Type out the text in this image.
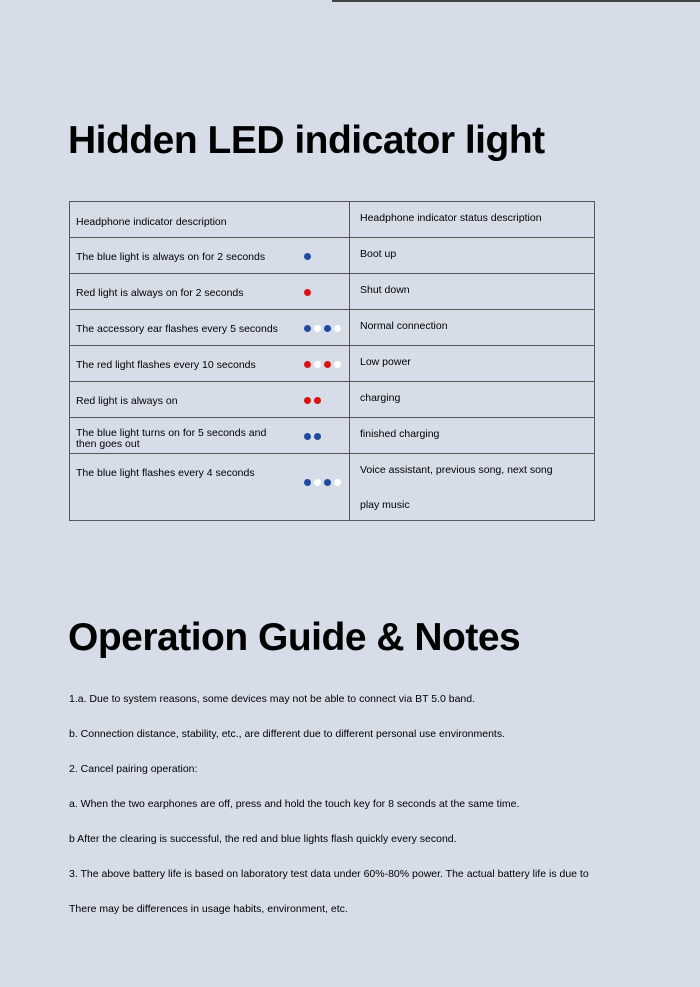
Hidden LED indicator light
Headphone indicator description	Headphone indicator status description

The blue light is always on for 2 seconds	Boot up

Red light is always on for 2 seconds	Shut down

The accessory ear flashes every 5 seconds	Normal connection

The red light flashes every 10 seconds	Low power

Red light is always on	charging

The blue light turns on for 5 seconds and then goes out	finished charging

The blue light flashes every 4 seconds	Voice assistant, previous song, next song
play music
Operation Guide & Notes

1.a. Due to system reasons, some devices may not be able to connect via BT 5.0 band.

b. Connection distance, stability, etc., are different due to different personal use environments.

2. Cancel pairing operation:

a. When the two earphones are off, press and hold the touch key for 8 seconds at the same time.

b After the clearing is successful, the red and blue lights flash quickly every second.

3. The above battery life is based on laboratory test data under 60%-80% power. The actual battery life is due to

There may be differences in usage habits, environment, etc.
